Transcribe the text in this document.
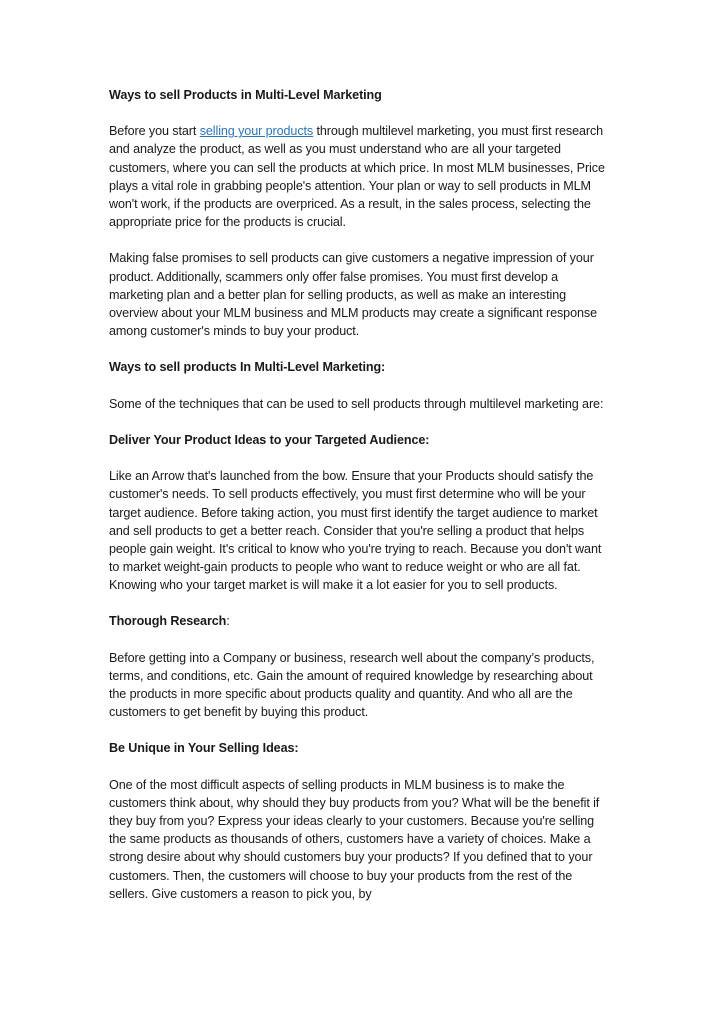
Ways to sell Products in Multi-Level Marketing
Before you start selling your products through multilevel marketing, you must first research and analyze the product, as well as you must understand who are all your targeted customers, where you can sell the products at which price. In most MLM businesses, Price plays a vital role in grabbing people's attention. Your plan or way to sell products in MLM won't work, if the products are overpriced. As a result, in the sales process, selecting the appropriate price for the products is crucial.
Making false promises to sell products can give customers a negative impression of your product. Additionally, scammers only offer false promises. You must first develop a marketing plan and a better plan for selling products, as well as make an interesting overview about your MLM business and MLM products may create a significant response among customer's minds to buy your product.
Ways to sell products In Multi-Level Marketing:
Some of the techniques that can be used to sell products through multilevel marketing are:
Deliver Your Product Ideas to your Targeted Audience:
Like an Arrow that's launched from the bow. Ensure that your Products should satisfy the customer's needs. To sell products effectively, you must first determine who will be your target audience. Before taking action, you must first identify the target audience to market and sell products to get a better reach. Consider that you're selling a product that helps people gain weight. It's critical to know who you're trying to reach. Because you don't want to market weight-gain products to people who want to reduce weight or who are all fat. Knowing who your target market is will make it a lot easier for you to sell products.
Thorough Research:
Before getting into a Company or business, research well about the company’s products, terms, and conditions, etc. Gain the amount of required knowledge by researching about the products in more specific about products quality and quantity. And who all are the customers to get benefit by buying this product.
Be Unique in Your Selling Ideas:
One of the most difficult aspects of selling products in MLM business is to make the customers think about, why should they buy products from you? What will be the benefit if they buy from you? Express your ideas clearly to your customers. Because you're selling the same products as thousands of others, customers have a variety of choices. Make a strong desire about why should customers buy your products? If you defined that to your customers. Then, the customers will choose to buy your products from the rest of the sellers. Give customers a reason to pick you, by
